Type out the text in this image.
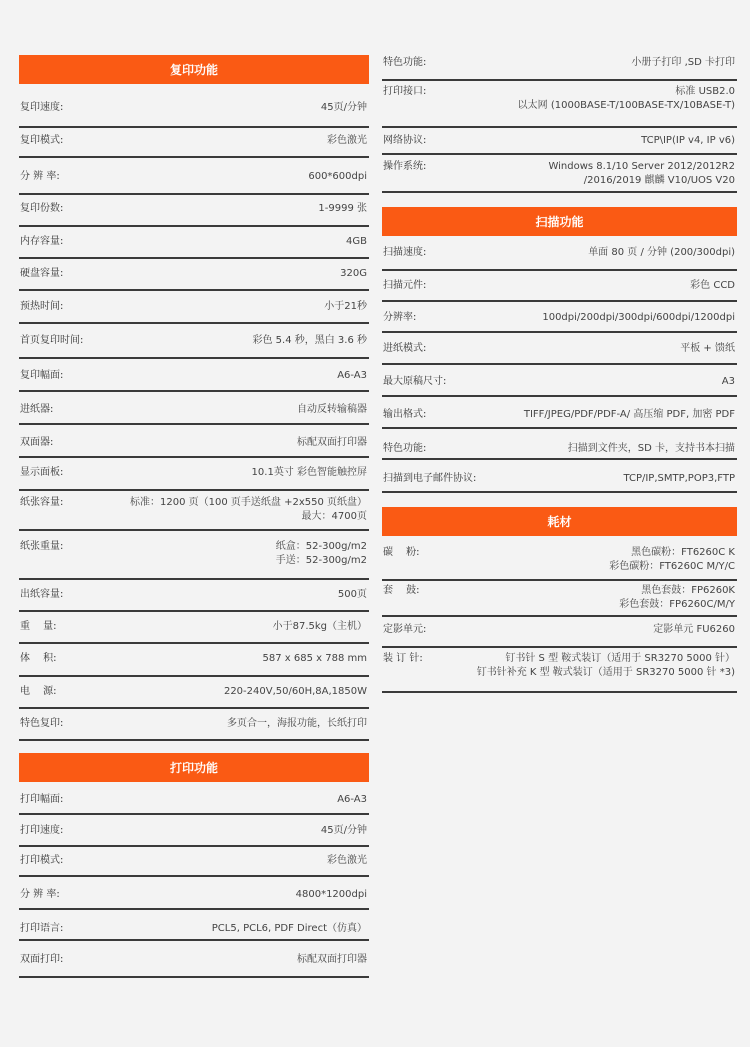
复印功能
复印速度:	45页/分钟
复印模式:	彩色激光
分 辨 率:	600*600dpi
复印份数:	1-9999 张
内存容量:	4GB
硬盘容量:	320G
预热时间:	小于21秒
首页复印时间:	彩色 5.4 秒，黑白 3.6 秒
复印幅面:	A6-A3
进纸器:	自动反转输稿器
双面器:	标配双面打印器
显示面板:	10.1英寸 彩色智能触控屏
纸张容量:	标准：1200 页（100 页手送纸盘 +2x550 页纸盘）
最大：4700页
纸张重量:	纸盒：52-300g/m2
手送：52-300g/m2
出纸容量:	500页
重　 量:	小于87.5kg（主机）
体　 积:	587 x 685 x 788 mm
电　 源:	220-240V,50/60H,8A,1850W
特色复印:	多页合一，海报功能，长纸打印
打印功能
打印幅面:	A6-A3
打印速度:	45页/分钟
打印模式:	彩色激光
分 辨 率:	4800*1200dpi
打印语言:	PCL5, PCL6, PDF Direct（仿真）
双面打印:	标配双面打印器
特色功能:	小册子打印 ,SD 卡打印
打印接口:	标准 USB2.0
以太网 (1000BASE-T/100BASE-TX/10BASE-T)
网络协议:	TCP\IP(IP v4, IP v6)
操作系统:	Windows 8.1/10 Server 2012/2012R2
/2016/2019 麒麟 V10/UOS V20
扫描功能
扫描速度:	单面 80 页 / 分钟 (200/300dpi)
扫描元件:	彩色 CCD
分辨率:	100dpi/200dpi/300dpi/600dpi/1200dpi
进纸模式:	平板 + 馈纸
最大原稿尺寸:	A3
输出格式:	TIFF/JPEG/PDF/PDF-A/ 高压缩 PDF, 加密 PDF
特色功能:	扫描到文件夹，SD 卡，支持书本扫描
扫描到电子邮件协议:	TCP/IP,SMTP,POP3,FTP
耗材
碳　 粉:	黑色碳粉：FT6260C K
彩色碳粉：FT6260C M/Y/C
套　 鼓:	黑色套鼓：FP6260K
彩色套鼓：FP6260C/M/Y
定影单元:	定影单元 FU6260
装 订 针:	钉书针 S 型 鞍式装订（适用于 SR3270 5000 针）
钉书针补充 K 型 鞍式装订（适用于 SR3270 5000 针 *3)
